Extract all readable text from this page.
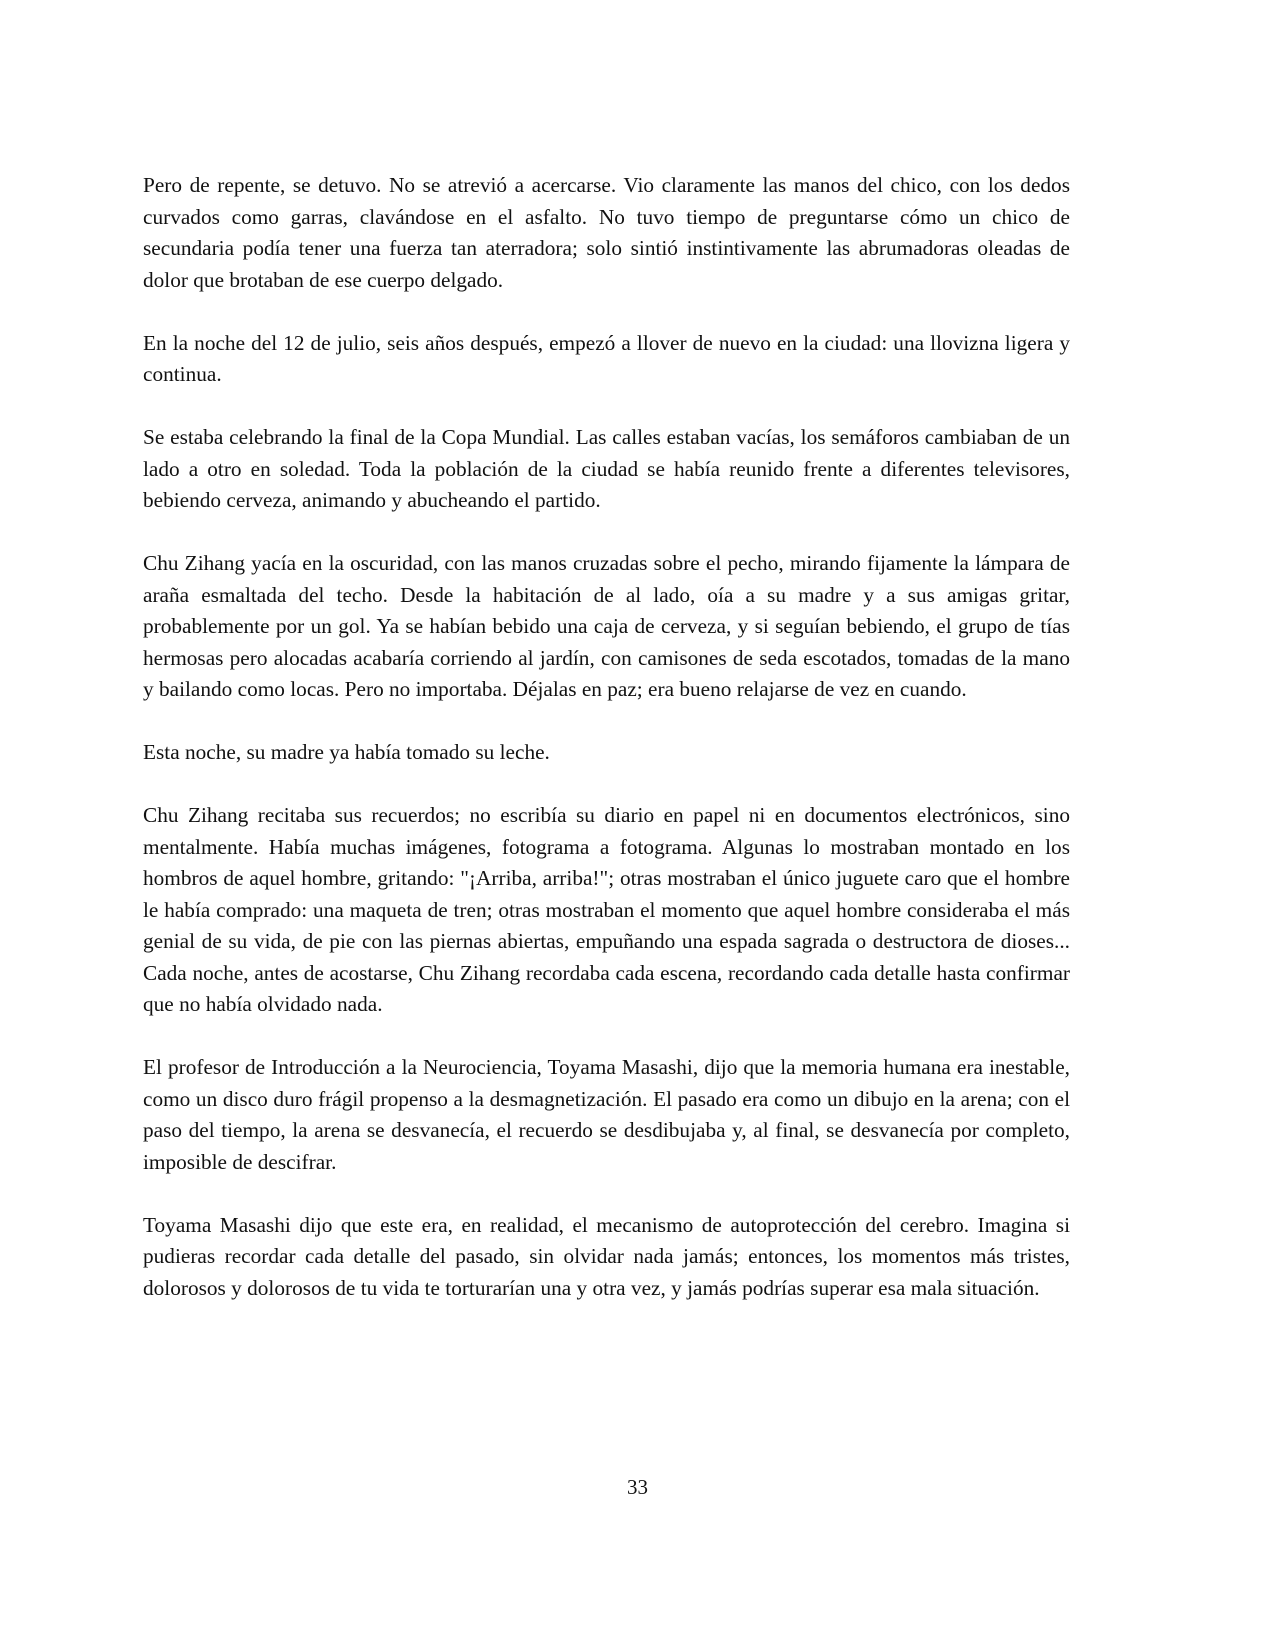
Pero de repente, se detuvo. No se atrevió a acercarse. Vio claramente las manos del chico, con los dedos curvados como garras, clavándose en el asfalto. No tuvo tiempo de preguntarse cómo un chico de secundaria podía tener una fuerza tan aterradora; solo sintió instintivamente las abrumadoras oleadas de dolor que brotaban de ese cuerpo delgado.

En la noche del 12 de julio, seis años después, empezó a llover de nuevo en la ciudad: una llovizna ligera y continua.

Se estaba celebrando la final de la Copa Mundial. Las calles estaban vacías, los semáforos cambiaban de un lado a otro en soledad. Toda la población de la ciudad se había reunido frente a diferentes televisores, bebiendo cerveza, animando y abucheando el partido.

Chu Zihang yacía en la oscuridad, con las manos cruzadas sobre el pecho, mirando fijamente la lámpara de araña esmaltada del techo. Desde la habitación de al lado, oía a su madre y a sus amigas gritar, probablemente por un gol. Ya se habían bebido una caja de cerveza, y si seguían bebiendo, el grupo de tías hermosas pero alocadas acabaría corriendo al jardín, con camisones de seda escotados, tomadas de la mano y bailando como locas. Pero no importaba. Déjalas en paz; era bueno relajarse de vez en cuando.

Esta noche, su madre ya había tomado su leche.

Chu Zihang recitaba sus recuerdos; no escribía su diario en papel ni en documentos electrónicos, sino mentalmente. Había muchas imágenes, fotograma a fotograma. Algunas lo mostraban montado en los hombros de aquel hombre, gritando: "¡Arriba, arriba!"; otras mostraban el único juguete caro que el hombre le había comprado: una maqueta de tren; otras mostraban el momento que aquel hombre consideraba el más genial de su vida, de pie con las piernas abiertas, empuñando una espada sagrada o destructora de dioses... Cada noche, antes de acostarse, Chu Zihang recordaba cada escena, recordando cada detalle hasta confirmar que no había olvidado nada.

El profesor de Introducción a la Neurociencia, Toyama Masashi, dijo que la memoria humana era inestable, como un disco duro frágil propenso a la desmagnetización. El pasado era como un dibujo en la arena; con el paso del tiempo, la arena se desvanecía, el recuerdo se desdibujaba y, al final, se desvanecía por completo, imposible de descifrar.

Toyama Masashi dijo que este era, en realidad, el mecanismo de autoprotección del cerebro. Imagina si pudieras recordar cada detalle del pasado, sin olvidar nada jamás; entonces, los momentos más tristes, dolorosos y dolorosos de tu vida te torturarían una y otra vez, y jamás podrías superar esa mala situación.

33
